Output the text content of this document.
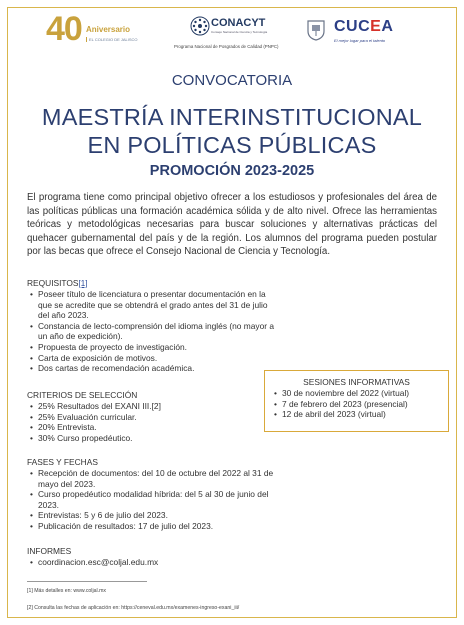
40 Aniversario
EL COLEGIO DE JALISCO
CONACYT
Consejo Nacional de Ciencia y Tecnología
Programa Nacional de Posgrados de Calidad (PNPC)
CUCEA
El mejor lugar para el talento
CONVOCATORIA
MAESTRÍA INTERINSTITUCIONAL
EN POLÍTICAS PÚBLICAS
PROMOCIÓN 2023-2025

El programa tiene como principal objetivo ofrecer a los estudiosos y profesionales del área de las políticas públicas una formación académica sólida y de alto nivel. Ofrece las herramientas teóricas y metodológicas necesarias para buscar soluciones y alternativas prácticas del quehacer gubernamental del país y de la región. Los alumnos del programa pueden postular por las becas que ofrece el Consejo Nacional de Ciencia y Tecnología.

REQUISITOS[1]
• Poseer título de licenciatura o presentar documentación en la que se acredite que se obtendrá el grado antes del 31 de julio del año 2023.
• Constancia de lecto-comprensión del idioma inglés (no mayor a un año de expedición).
• Propuesta de proyecto de investigación.
• Carta de exposición de motivos.
• Dos cartas de recomendación académica.
CRITERIOS DE SELECCIÓN
• 25% Resultados del EXANI III.[2]
• 25% Evaluación curricular.
• 20% Entrevista.
• 30% Curso propedéutico.
SESIONES INFORMATIVAS
• 30 de noviembre del 2022 (virtual)
• 7 de febrero del 2023 (presencial)
• 12 de abril del 2023 (virtual)
FASES Y FECHAS
• Recepción de documentos: del 10 de octubre del 2022 al 31 de mayo del 2023.
• Curso propedéutico modalidad híbrida: del 5 al 30 de junio del 2023.
• Entrevistas: 5 y 6 de julio del 2023.
• Publicación de resultados: 17 de julio del 2023.
INFORMES
• coordinacion.esc@coljal.edu.mx
[1] Más detalles en: www.coljal.mx
[2] Consulta las fechas de aplicación en: https://ceneval.edu.mx/examenes-ingreso-exani_iii/
